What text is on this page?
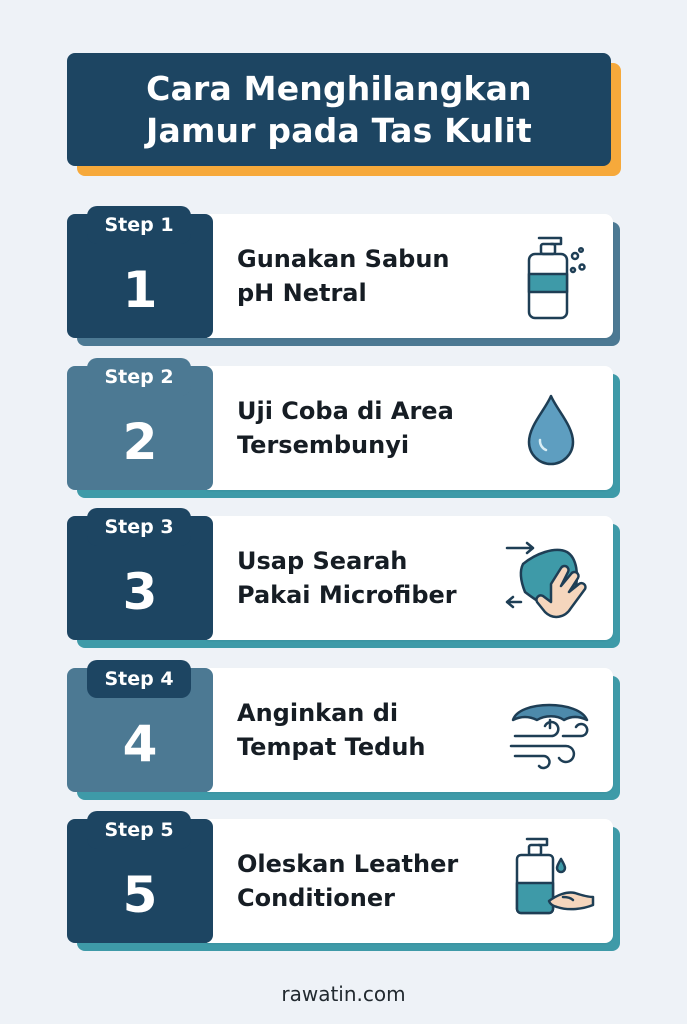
Cara Menghilangkan
Jamur pada Tas Kulit
Step 1
1
Gunakan Sabun
pH Netral
Step 2
2
Uji Coba di Area
Tersembunyi
Step 3
3
Usap Searah
Pakai Microfiber
Step 4
4
Anginkan di
Tempat Teduh
Step 5
5
Oleskan Leather
Conditioner
rawatin.com
